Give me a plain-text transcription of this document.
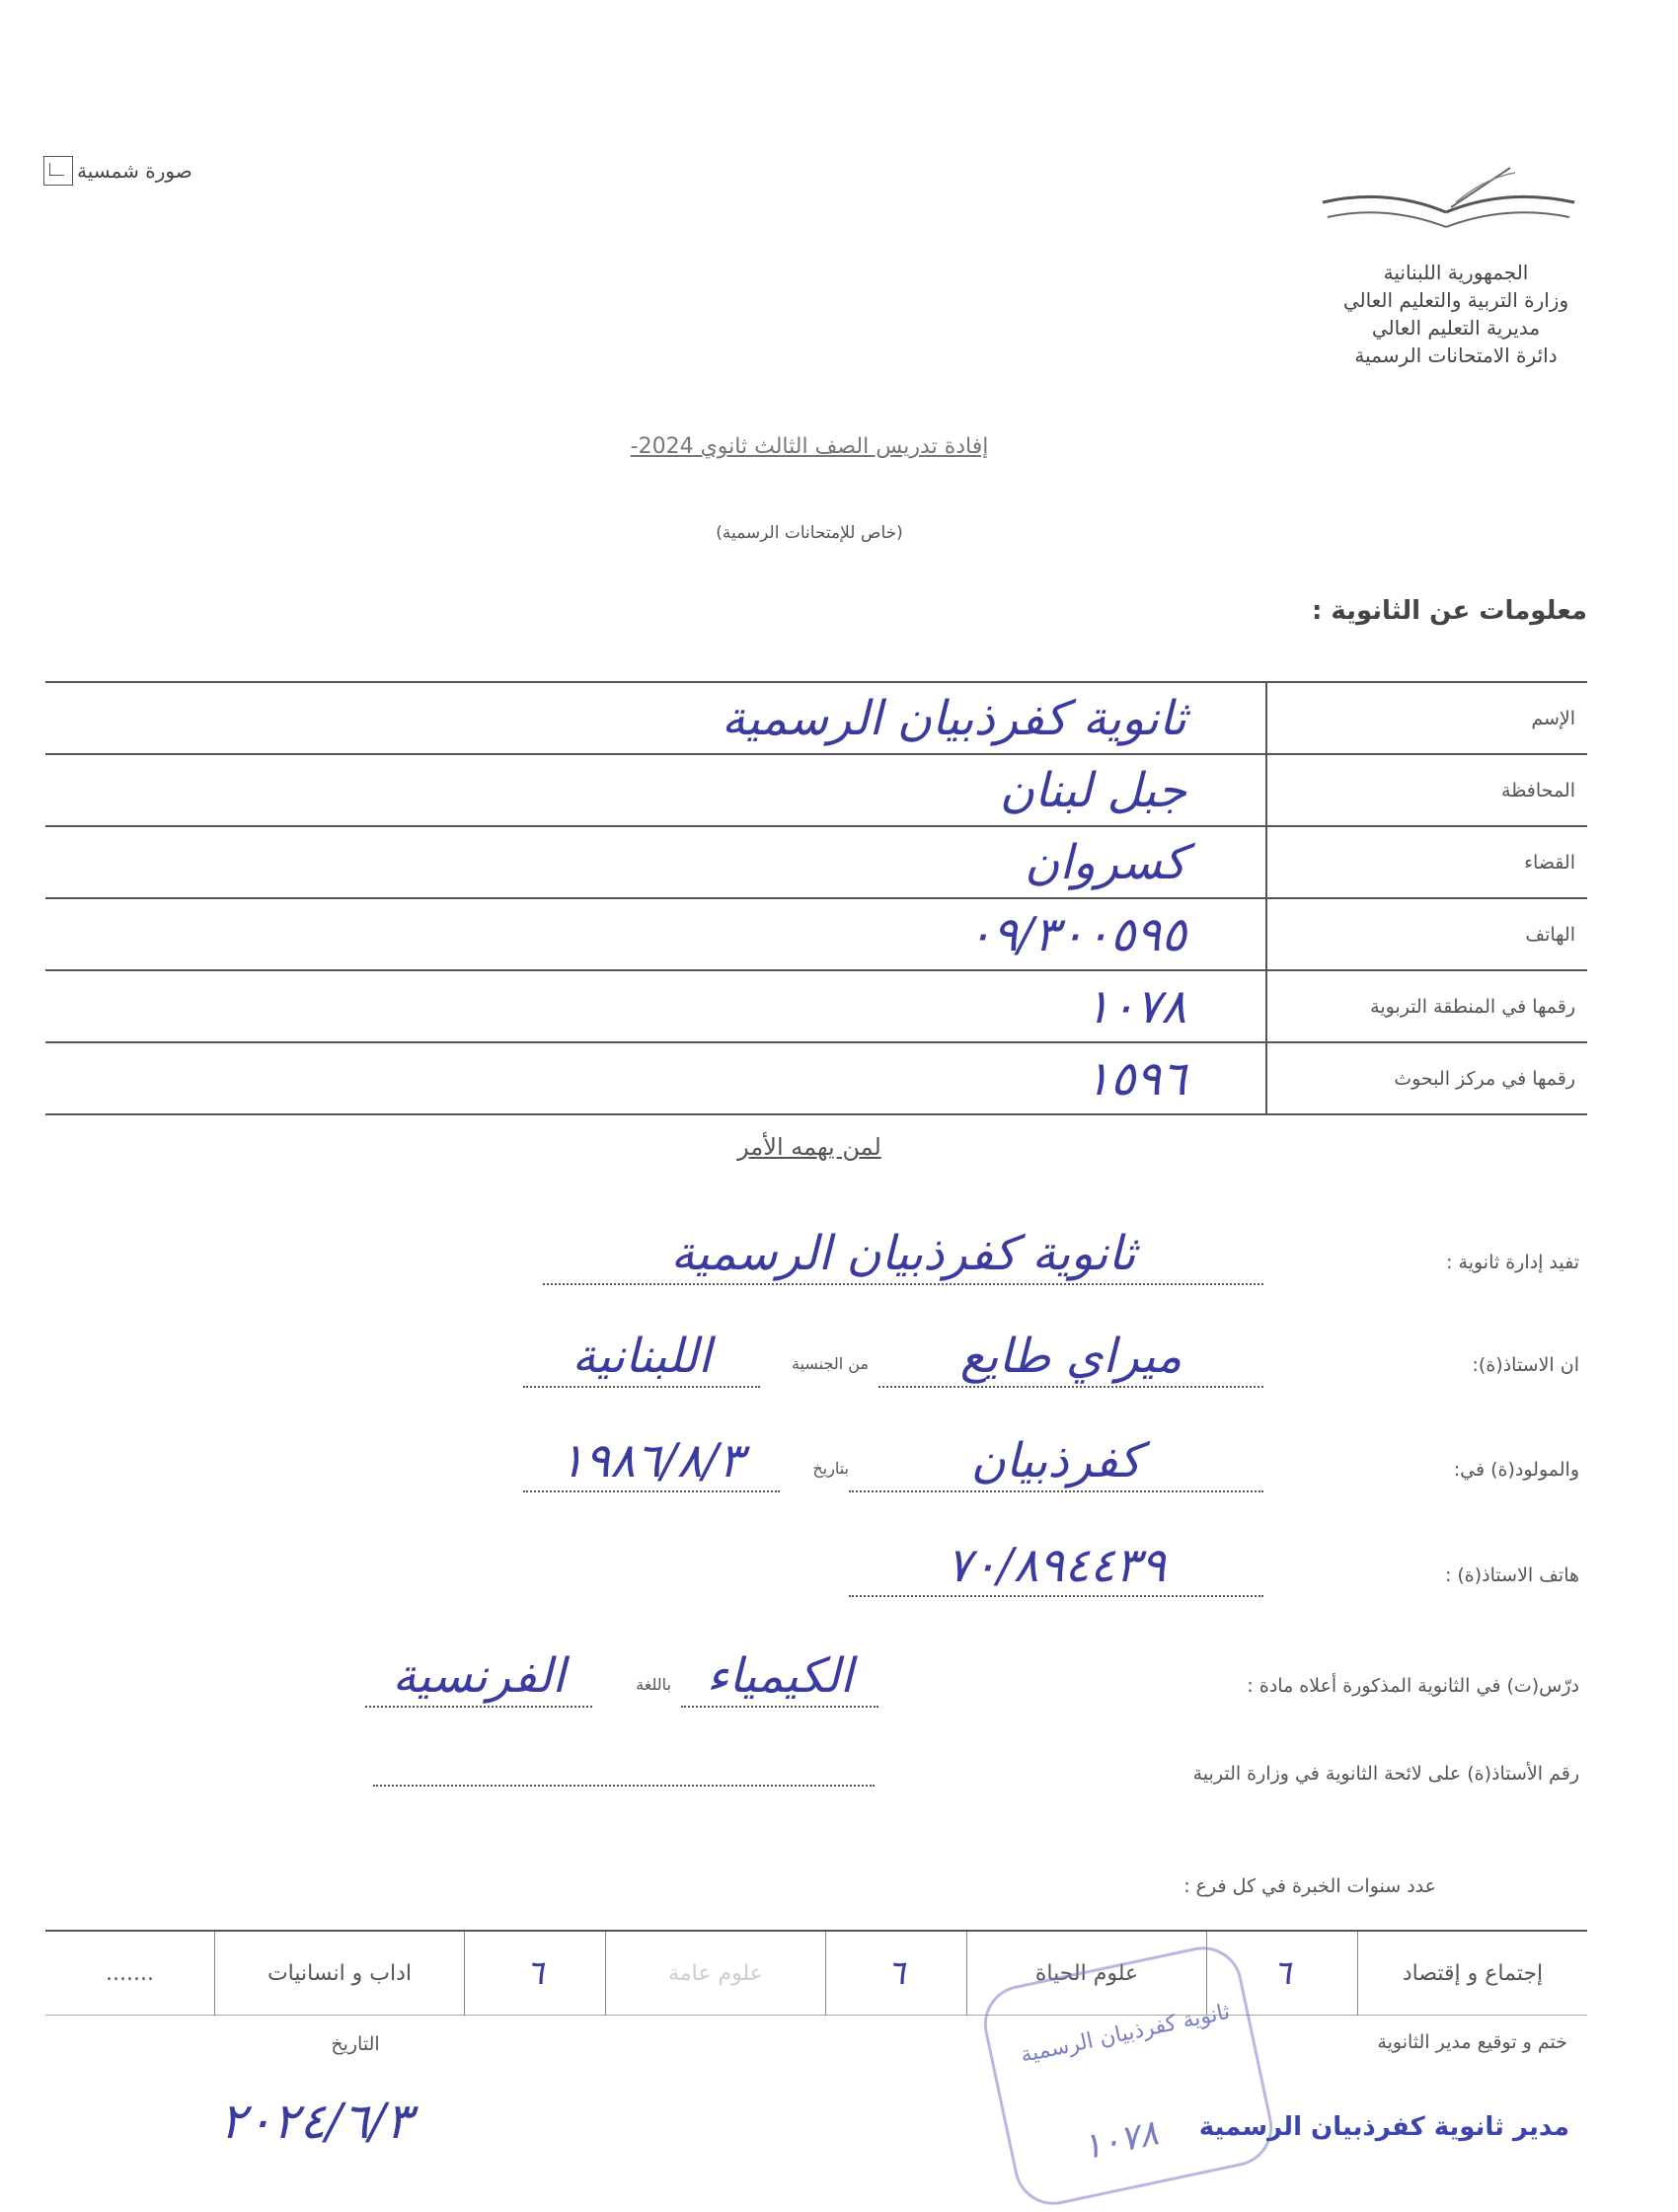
صورة شمسية
الجمهورية اللبنانية
وزارة التربية والتعليم العالي
مديرية التعليم العالي
دائرة الامتحانات الرسمية
إفادة تدريس الصف الثالث ثانوي 2024-
(خاص للإمتحانات الرسمية)
معلومات عن الثانوية :
الإسم	ثانوية كفرذبيان الرسمية
المحافظة	جبل لبنان
القضاء	كسروان
الهاتف	٠٩/٣٠٠٥٩٥
رقمها في المنطقة التربوية	١٠٧٨
رقمها في مركز البحوث	١٥٩٦
لمن يهمه الأمر
تفيد إدارة ثانوية :
ثانوية كفرذبيان الرسمية
ان الاستاذ(ة):
ميراي طايع
من الجنسية
اللبنانية
والمولود(ة) في:
كفرذبيان
بتاريخ
١٩٨٦/٨/٣
هاتف الاستاذ(ة) :
٧٠/٨٩٤٤٣٩
درّس(ت) في الثانوية المذكورة أعلاه مادة :
الكيمياء
باللغة
الفرنسية
رقم الأستاذ(ة) على لائحة الثانوية في وزارة التربية
عدد سنوات الخبرة في كل فرع :
إجتماع و إقتصاد	٦	علوم الحياة	٦	علوم عامة	٦	اداب و انسانيات	.......
ختم و توقيع مدير الثانوية
التاريخ
٢٠٢٤/٦/٣
ثانوية كفرذبيان الرسمية
١٠٧٨	مدير ثانوية كفرذبيان الرسمية
